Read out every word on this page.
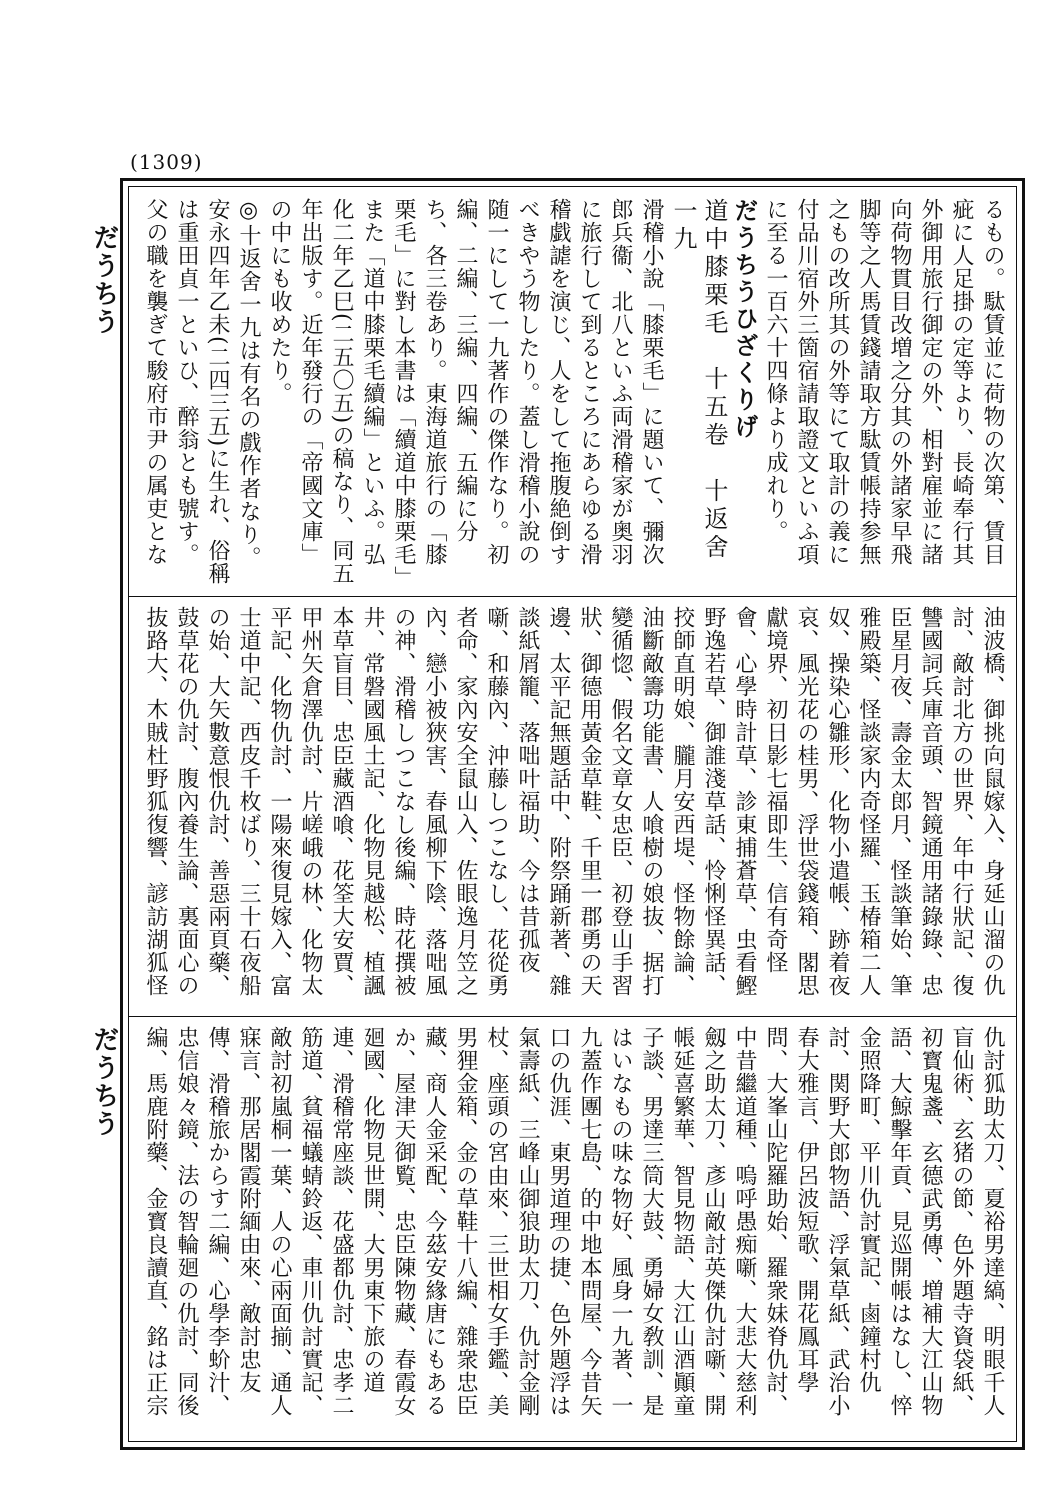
(1309)
だうちう
だうちう
るもの。駄賃並に荷物の次第、賃目疵に人足掛の定等より、長崎奉行其外御用旅行御定の外、相對雇並に諸向荷物貫目改増之分其の外諸家早飛脚等之人馬賃錢請取方駄賃帳持参無之もの改所其の外等にて取計の義に付品川宿外三箇宿請取證文といふ項に至る一百六十四條より成れり。
だうちうひざくりげ
道中膝栗毛　十五卷　十返舍一九
滑稽小說「膝栗毛」に題いて、彌次郎兵衞、北八といふ両滑稽家が奥羽に旅行して到るところにあらゆる滑稽戯謔を演じ、人をして拖腹絶倒すべきやう物したり。蓋し滑稽小說の随一にして一九著作の傑作なり。初編、二編、三編、四編、五編に分ち、各三卷あり。東海道旅行の「膝栗毛」に對し本書は「續道中膝栗毛」また「道中膝栗毛續編」といふ。弘化二年乙巳(二五〇五)の稿なり、同五年出版す。近年發行の「帝國文庫」の中にも收めたり。
◎十返舍一九は有名の戲作者なり。安永四年乙未(二四三五)に生れ、俗稱は重田貞一といひ、醉翁とも號す。父の職を襲ぎて駿府市尹の属吏とな
油波橋、御挑向鼠嫁入、身延山溜の仇討、敵討北方の世界、年中行狀記、復讐國詞兵庫音頭、智鏡通用諸錄錄、忠臣星月夜、壽金太郎月、怪談筆始、筆雅殿築、怪談家内奇怪羅、玉椿箱二人奴、操染心雛形、化物小遣帳、跡着夜哀、風光花の桂男、浮世袋錢箱、閣思獻境界、初日影七福即生、信有奇怪會、心學時計草、診東捕蒼草、虫看鰹野逸若草、御誰淺草話、怜悧怪異話、挍師直明娘、朧月安西堤、怪物餘論、油斷敵籌功能書、人喰樹の娘抜、据打變循惚、假名文章女忠臣、初登山手習狀、御德用黃金草鞋、千里一郡勇の天邊、太平記無題話中、附祭踊新著、雜談紙屑籠、落咄叶福助、今は昔孤夜噺、和藤內、沖藤しつこなし、花從勇者命、家內安全鼠山入、佐眼逸月笠之內、戀小被狹害、春風柳下陰、落咄風の神、滑稽しつこなし後編、時花撰被井、常磐國風土記、化物見越松、植諷本草盲目、忠臣藏酒喰、花筌大安賈、甲州矢倉澤仇討、片嵯峨の林、化物太平記、化物仇討、一陽來復見嫁入、富士道中記、西皮千枚ばり、三十石夜船の始、大矢數意恨仇討、善惡兩頁藥、鼓草花の仇討、腹內養生論、裏面心の抜路大、木賊杜野狐復響、諺訪湖狐怪
仇討狐助太刀、夏裕男達縞、明眼千人盲仙術、玄猪の節、色外題寺資袋紙、初寳鬼盞、玄德武勇傳、増補大江山物語、大鯨擊年貢、見巡開帳はなし、悴金照降町、平川仇討實記、鹵鐘村仇討、関野大郎物語、浮氣草紙、武治小春大雅言、伊呂波短歌、開花鳳耳學問、大峯山陀羅助始、羅衆妹脊仇討、中昔繼道種、嗚呼愚痴噺、大悲大慈利劔之助太刀、彥山敵討英傑仇討噺、開帳延喜繁華、智見物語、大江山酒顚童子談、男達三筒大鼓、勇婦女敎訓、是はいなもの味な物好、風身一九著、一九蓋作團七島、的中地本問屋、今昔矢口の仇涯、東男道理の捷、色外題浮は氣壽紙、三峰山御狼助太刀、仇討金剛杖、座頭の宮由來、三世相女手鑑、美男狸金箱、金の草鞋十八編、雜衆忠臣藏、商人金采配、今茲安緣唐にもあるか、屋津天御覧、忠臣陳物藏、春霞女廻國、化物見世開、大男東下旅の道連、滑稽常座談、花盛都仇討、忠孝二筋道、貧福蟻蜻鈴返、車川仇討實記、敵討初嵐桐一葉、人の心兩面揃、通人寐言、那居閣霞附緬由來、敵討忠友傳、滑稽旅からす二編、心學李蚧汁、忠信娘々鏡、法の智輪廻の仇討、同後編、馬鹿附藥、金寳良讀直、銘は正宗
